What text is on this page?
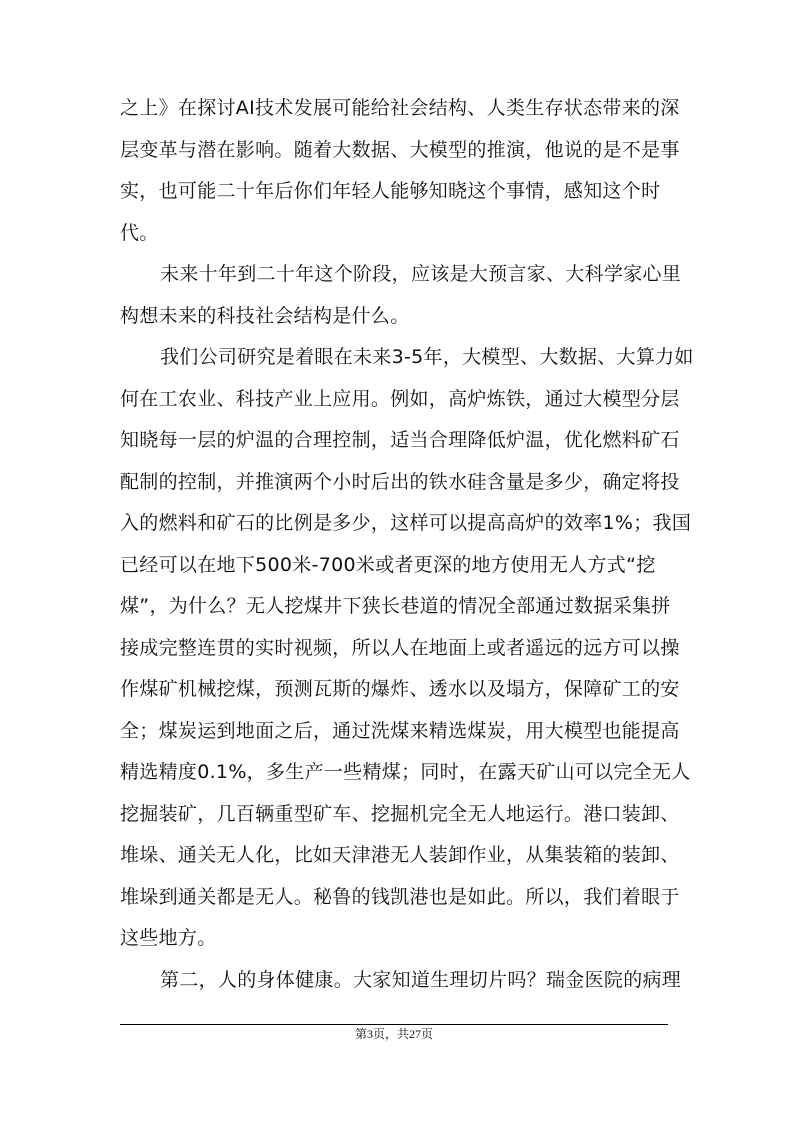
之上》在探讨AI技术发展可能给社会结构、人类生存状态带来的深
层变革与潜在影响。随着大数据、大模型的推演，他说的是不是事
实，也可能二十年后你们年轻人能够知晓这个事情，感知这个时
代。
未来十年到二十年这个阶段，应该是大预言家、大科学家心里
构想未来的科技社会结构是什么。
我们公司研究是着眼在未来3-5年，大模型、大数据、大算力如
何在工农业、科技产业上应用。例如，高炉炼铁，通过大模型分层
知晓每一层的炉温的合理控制，适当合理降低炉温，优化燃料矿石
配制的控制，并推演两个小时后出的铁水硅含量是多少，确定将投
入的燃料和矿石的比例是多少，这样可以提高高炉的效率1%；我国
已经可以在地下500米-700米或者更深的地方使用无人方式“挖
煤”，为什么？无人挖煤井下狭长巷道的情况全部通过数据采集拼
接成完整连贯的实时视频，所以人在地面上或者遥远的远方可以操
作煤矿机械挖煤，预测瓦斯的爆炸、透水以及塌方，保障矿工的安
全；煤炭运到地面之后，通过洗煤来精选煤炭，用大模型也能提高
精选精度0.1%，多生产一些精煤；同时，在露天矿山可以完全无人
挖掘装矿，几百辆重型矿车、挖掘机完全无人地运行。港口装卸、
堆垛、通关无人化，比如天津港无人装卸作业，从集装箱的装卸、
堆垛到通关都是无人。秘鲁的钱凯港也是如此。所以，我们着眼于
这些地方。
第二，人的身体健康。大家知道生理切片吗？瑞金医院的病理
第3页，共27页
